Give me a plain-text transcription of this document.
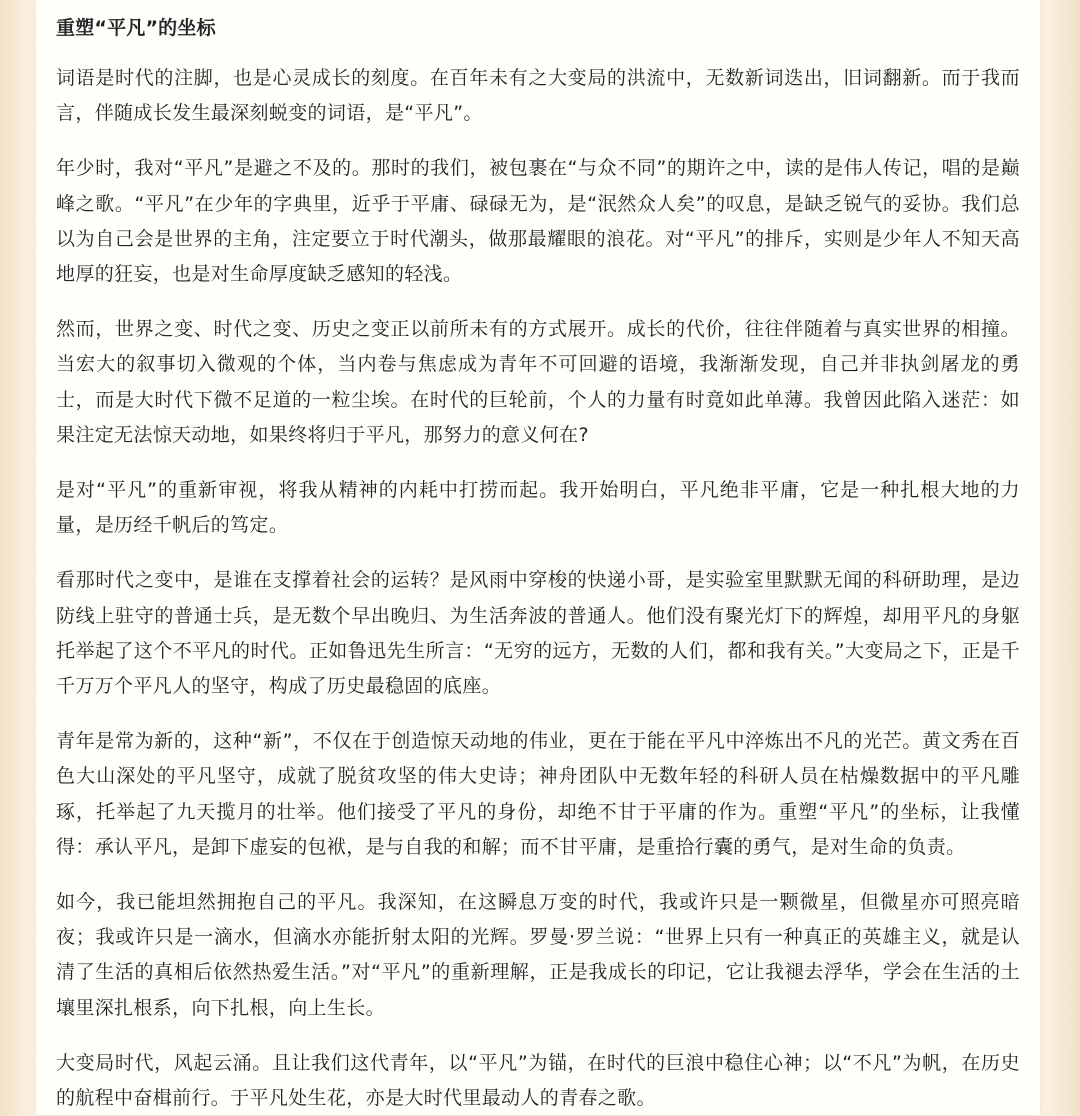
重塑“平凡”的坐标

词语是时代的注脚，也是心灵成长的刻度。在百年未有之大变局的洪流中，无数新词迭出，旧词翻新。而于我而言，伴随成长发生最深刻蜕变的词语，是“平凡”。

年少时，我对“平凡”是避之不及的。那时的我们，被包裹在“与众不同”的期许之中，读的是伟人传记，唱的是巅峰之歌。“平凡”在少年的字典里，近乎于平庸、碌碌无为，是“泯然众人矣”的叹息，是缺乏锐气的妥协。我们总以为自己会是世界的主角，注定要立于时代潮头，做那最耀眼的浪花。对“平凡”的排斥，实则是少年人不知天高地厚的狂妄，也是对生命厚度缺乏感知的轻浅。

然而，世界之变、时代之变、历史之变正以前所未有的方式展开。成长的代价，往往伴随着与真实世界的相撞。当宏大的叙事切入微观的个体，当内卷与焦虑成为青年不可回避的语境，我渐渐发现，自己并非执剑屠龙的勇士，而是大时代下微不足道的一粒尘埃。在时代的巨轮前，个人的力量有时竟如此单薄。我曾因此陷入迷茫：如果注定无法惊天动地，如果终将归于平凡，那努力的意义何在?

是对“平凡”的重新审视，将我从精神的内耗中打捞而起。我开始明白，平凡绝非平庸，它是一种扎根大地的力量，是历经千帆后的笃定。

看那时代之变中，是谁在支撑着社会的运转？是风雨中穿梭的快递小哥，是实验室里默默无闻的科研助理，是边防线上驻守的普通士兵，是无数个早出晚归、为生活奔波的普通人。他们没有聚光灯下的辉煌，却用平凡的身躯托举起了这个不平凡的时代。正如鲁迅先生所言：“无穷的远方，无数的人们，都和我有关。”大变局之下，正是千千万万个平凡人的坚守，构成了历史最稳固的底座。

青年是常为新的，这种“新”，不仅在于创造惊天动地的伟业，更在于能在平凡中淬炼出不凡的光芒。黄文秀在百色大山深处的平凡坚守，成就了脱贫攻坚的伟大史诗；神舟团队中无数年轻的科研人员在枯燥数据中的平凡雕琢，托举起了九天揽月的壮举。他们接受了平凡的身份，却绝不甘于平庸的作为。重塑“平凡”的坐标，让我懂得：承认平凡，是卸下虚妄的包袱，是与自我的和解；而不甘平庸，是重拾行囊的勇气，是对生命的负责。

如今，我已能坦然拥抱自己的平凡。我深知，在这瞬息万变的时代，我或许只是一颗微星，但微星亦可照亮暗夜；我或许只是一滴水，但滴水亦能折射太阳的光辉。罗曼·罗兰说：“世界上只有一种真正的英雄主义，就是认清了生活的真相后依然热爱生活。”对“平凡”的重新理解，正是我成长的印记，它让我褪去浮华，学会在生活的土壤里深扎根系，向下扎根，向上生长。

大变局时代，风起云涌。且让我们这代青年，以“平凡”为锚，在时代的巨浪中稳住心神；以“不凡”为帆，在历史的航程中奋楫前行。于平凡处生花，亦是大时代里最动人的青春之歌。
